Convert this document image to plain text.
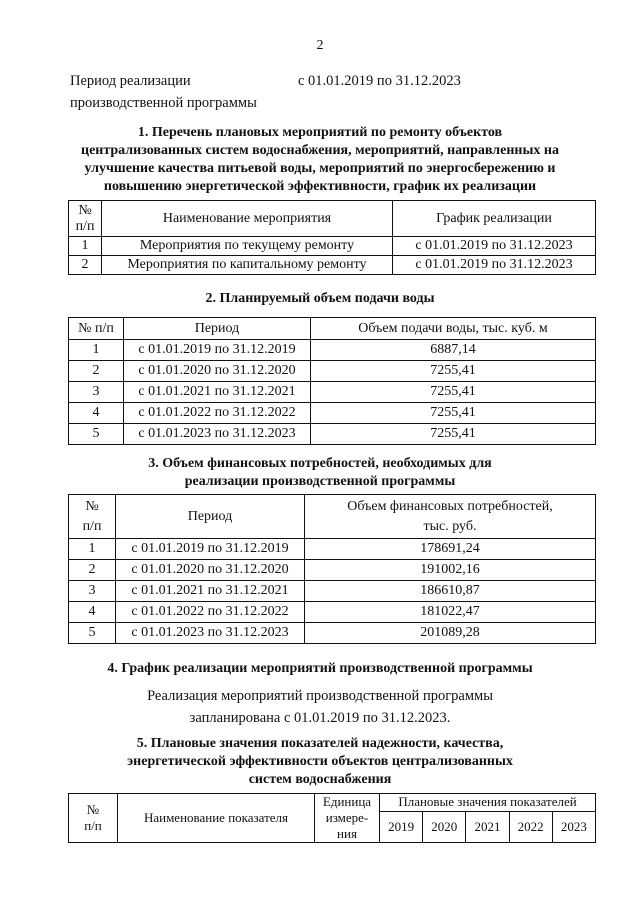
2
Период реализации	с 01.01.2019 по 31.12.2023
производственной программы
1. Перечень плановых мероприятий по ремонту объектов
централизованных систем водоснабжения, мероприятий, направленных на
улучшение качества питьевой воды, мероприятий по энергосбережению и
повышению энергетической эффективности, график их реализации
№
п/п	Наименование мероприятия	График реализации
1	Мероприятия по текущему ремонту	с 01.01.2019 по 31.12.2023
2	Мероприятия по капитальному ремонту	с 01.01.2019 по 31.12.2023
2. Планируемый объем подачи воды
№ п/п	Период	Объем подачи воды, тыс. куб. м
1	с 01.01.2019 по 31.12.2019	6887,14
2	с 01.01.2020 по 31.12.2020	7255,41
3	с 01.01.2021 по 31.12.2021	7255,41
4	с 01.01.2022 по 31.12.2022	7255,41
5	с 01.01.2023 по 31.12.2023	7255,41
3. Объем финансовых потребностей, необходимых для
реализации производственной программы
№
п/п	Период	Объем финансовых потребностей,
тыс. руб.
1	с 01.01.2019 по 31.12.2019	178691,24
2	с 01.01.2020 по 31.12.2020	191002,16
3	с 01.01.2021 по 31.12.2021	186610,87
4	с 01.01.2022 по 31.12.2022	181022,47
5	с 01.01.2023 по 31.12.2023	201089,28
4. График реализации мероприятий производственной программы
Реализация мероприятий производственной программы
запланирована с 01.01.2019 по 31.12.2023.
5. Плановые значения показателей надежности, качества,
энергетической эффективности объектов централизованных
систем водоснабжения
№
п/п	Наименование показателя	Единица
измере-
ния	Плановые значения показателей				
			2019	2020	2021	2022	2023
